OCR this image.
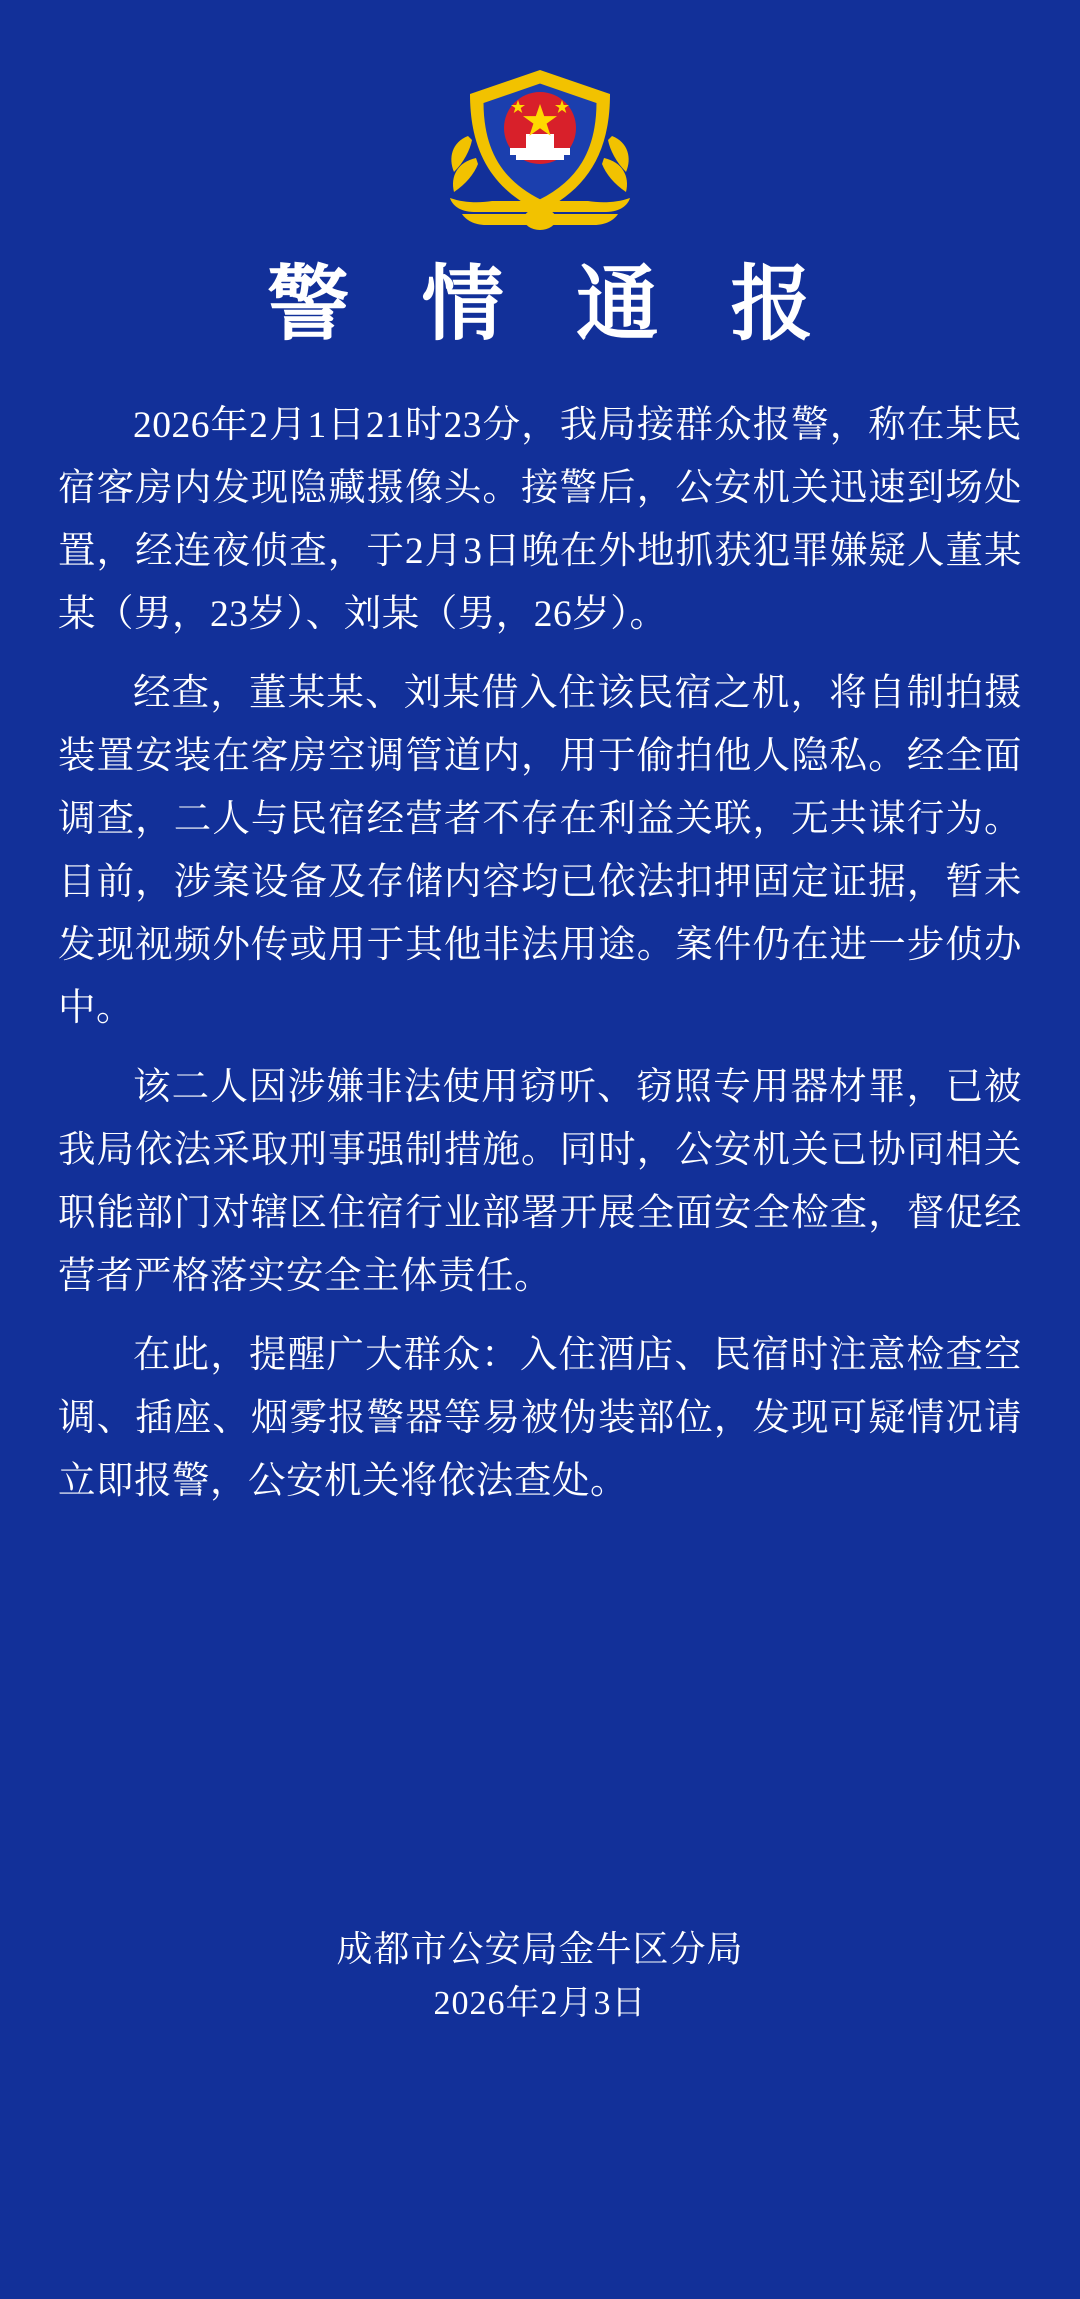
警 情 通 报

2026年2月1日21时23分，我局接群众报警，称在某民宿客房内发现隐藏摄像头。接警后，公安机关迅速到场处置，经连夜侦查，于2月3日晚在外地抓获犯罪嫌疑人董某某（男，23岁）、刘某（男，26岁）。

经查，董某某、刘某借入住该民宿之机，将自制拍摄装置安装在客房空调管道内，用于偷拍他人隐私。经全面调查，二人与民宿经营者不存在利益关联，无共谋行为。目前，涉案设备及存储内容均已依法扣押固定证据，暂未发现视频外传或用于其他非法用途。案件仍在进一步侦办中。

该二人因涉嫌非法使用窃听、窃照专用器材罪，已被我局依法采取刑事强制措施。同时，公安机关已协同相关职能部门对辖区住宿行业部署开展全面安全检查，督促经营者严格落实安全主体责任。

在此，提醒广大群众：入住酒店、民宿时注意检查空调、插座、烟雾报警器等易被伪装部位，发现可疑情况请立即报警，公安机关将依法查处。

成都市公安局金牛区分局
2026年2月3日
